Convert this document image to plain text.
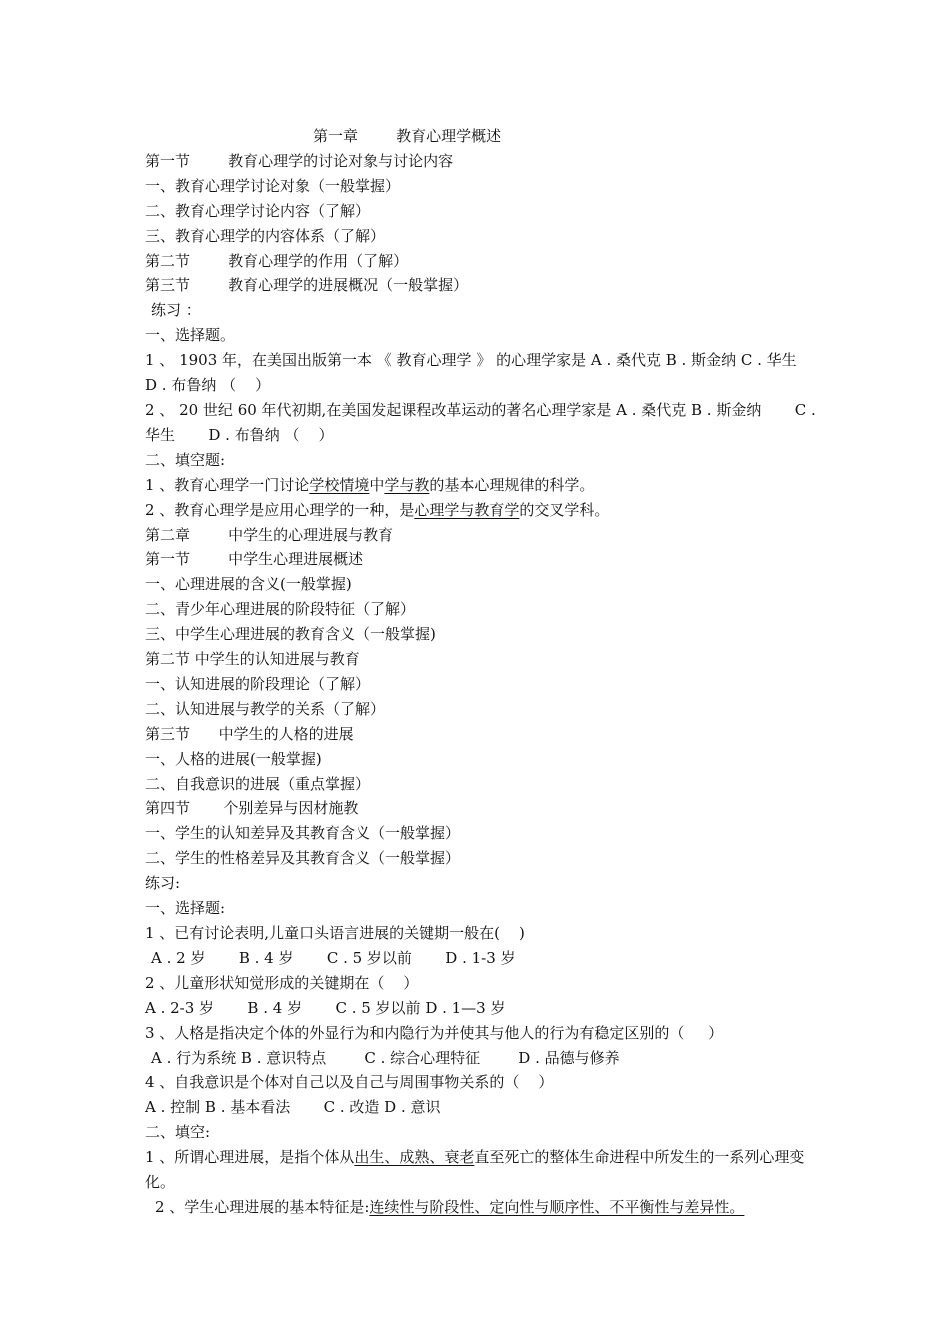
第一章        教育心理学概述

第一节        教育心理学的讨论对象与讨论内容

一、教育心理学讨论对象（一般掌握）

二、教育心理学讨论内容（了解）

三、教育心理学的内容体系（了解）

第二节        教育心理学的作用（了解）

第三节        教育心理学的进展概况（一般掌握）

练习 ：

一、选择题。

1 、 1903 年，在美国出版第一本 《 教育心理学 》 的心理学家是 A . 桑代克 B . 斯金纳 C . 华生        D . 布鲁纳 （    ）

2 、 20 世纪 60 年代初期,在美国发起课程改革运动的著名心理学家是 A . 桑代克 B . 斯金纳       C . 华生       D . 布鲁纳 （    ）

二、填空题:

1 、教育心理学一门讨论学校情境中学与教的基本心理规律的科学。

2 、教育心理学是应用心理学的一种，是心理学与教育学的交叉学科。

第二章        中学生的心理进展与教育

第一节        中学生心理进展概述

一、心理进展的含义(一般掌握)

二、青少年心理进展的阶段特征（了解）

三、中学生心理进展的教育含义（一般掌握)

第二节 中学生的认知进展与教育

一、认知进展的阶段理论（了解）

二、认知进展与教学的关系（了解）

第三节      中学生的人格的进展

一、人格的进展(一般掌握)

二、自我意识的进展（重点掌握）

第四节       个别差异与因材施教

一、学生的认知差异及其教育含义（一般掌握）

二、学生的性格差异及其教育含义（一般掌握）

练习:

一、选择题:

1 、已有讨论表明,儿童口头语言进展的关键期一般在(    )

A . 2 岁       B . 4 岁       C . 5 岁以前       D . 1-3 岁

2 、儿童形状知觉形成的关键期在（    ）

A . 2-3 岁       B . 4 岁       C . 5 岁以前 D . 1—3 岁

3 、人格是指决定个体的外显行为和内隐行为并使其与他人的行为有稳定区别的（     ）

A . 行为系统 B . 意识特点        C . 综合心理特征        D . 品德与修养

4 、自我意识是个体对自己以及自己与周围事物关系的（    ）

A . 控制 B . 基本看法       C . 改造 D . 意识

二、填空:

1 、所谓心理进展，是指个体从出生、成熟、衰老直至死亡的整体生命进程中所发生的一系列心理变化。

2 、学生心理进展的基本特征是:连续性与阶段性、定向性与顺序性、不平衡性与差异性。
